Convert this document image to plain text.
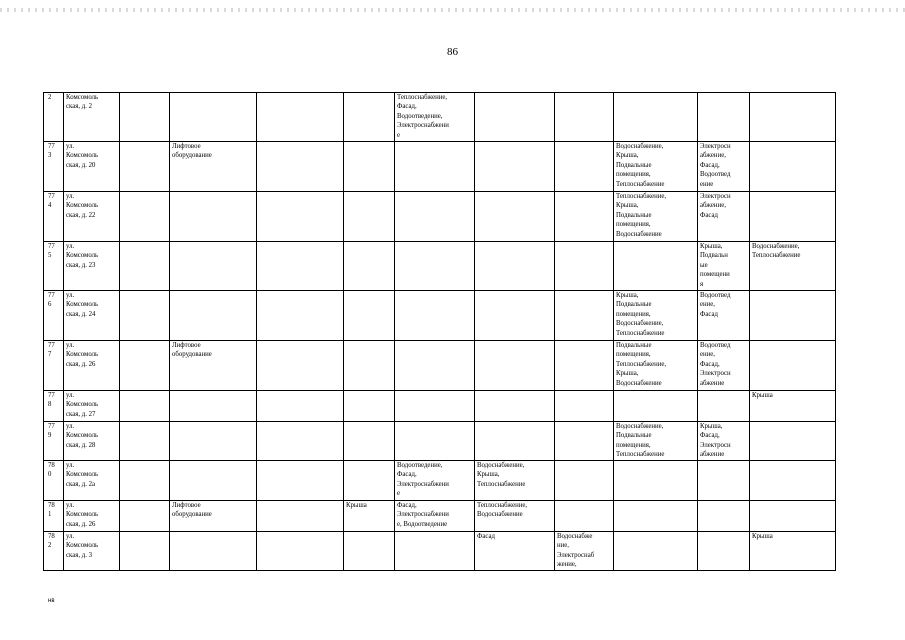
86
2	Комсомоль
ская, д. 2					Теплоснабжение,
Фасад,
Водоотведение,
Электроснабжени
е					
77
3	ул.
Комсомоль
ская, д. 20		Лифтовое
оборудование						Водоснабжение,
Крыша,
Подвальные
помещения,
Теплоснабжение	Электросн
абжение,
Фасад,
Водоотвед
ение	
77
4	ул.
Комсомоль
ская, д. 22								Теплоснабжение,
Крыша,
Подвальные
помещения,
Водоснабжение	Электросн
абжение,
Фасад	
77
5	ул.
Комсомоль
ская, д. 23									Крыша,
Подвальн
ые
помещени
я	Водоснабжение,
Теплоснабжение
77
6	ул.
Комсомоль
ская, д. 24								Крыша,
Подвальные
помещения,
Водоснабжение,
Теплоснабжение	Водоотвед
ение,
Фасад	
77
7	ул.
Комсомоль
ская, д. 26		Лифтовое
оборудование						Подвальные
помещения,
Теплоснабжение,
Крыша,
Водоснабжение	Водоотвед
ение,
Фасад,
Электросн
абжение	
77
8	ул.
Комсомоль
ская, д. 27										Крыша
77
9	ул.
Комсомоль
ская, д. 28								Водоснабжение,
Подвальные
помещения,
Теплоснабжение	Крыша,
Фасад,
Электросн
абжение	
78
0	ул.
Комсомоль
ская, д. 2а					Водоотведение,
Фасад,
Электроснабжени
е	Водоснабжение,
Крыша,
Теплоснабжение				
78
1	ул.
Комсомоль
ская, д. 26		Лифтовое
оборудование		Крыша	Фасад,
Электроснабжени
е, Водоотведение	Теплоснабжение,
Водоснабжение				
78
2	ул.
Комсомоль
ская, д. 3						Фасад	Водоснабже
ние,
Электроснаб
жение,			Крыша
нв
